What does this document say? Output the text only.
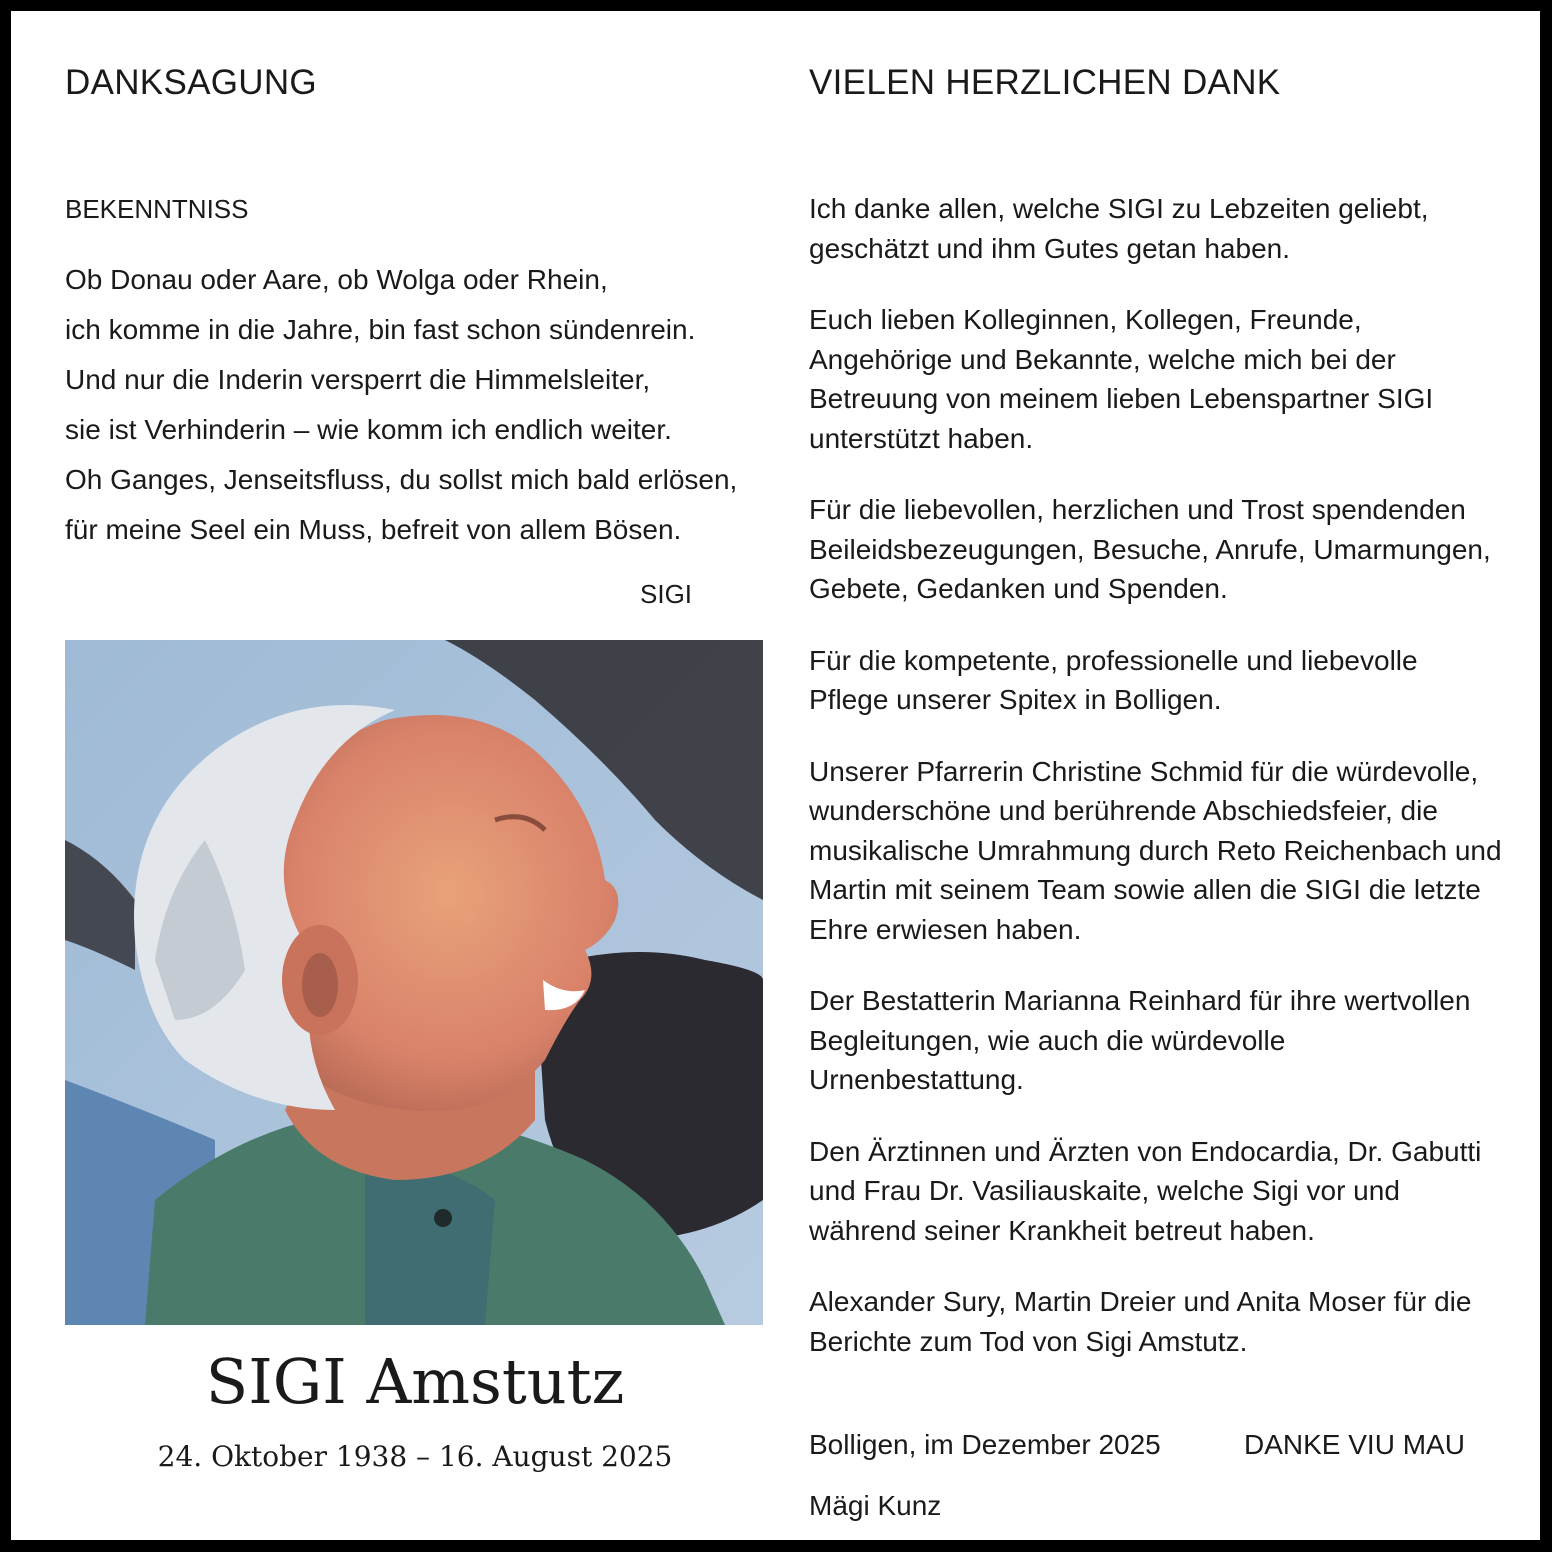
DANKSAGUNG
BEKENNTNISS
Ob Donau oder Aare, ob Wolga oder Rhein,
ich komme in die Jahre, bin fast schon sündenrein.
Und nur die Inderin versperrt die Himmelsleiter,
sie ist Verhinderin – wie komm ich endlich weiter.
Oh Ganges, Jenseitsfluss, du sollst mich bald erlösen,
für meine Seel ein Muss, befreit von allem Bösen.
SIGI
SIGI Amstutz
24. Oktober 1938 – 16. August 2025
VIELEN HERZLICHEN DANK

Ich danke allen, welche SIGI zu Lebzeiten geliebt,
geschätzt und ihm Gutes getan haben.

Euch lieben Kolleginnen, Kollegen, Freunde,
Angehörige und Bekannte, welche mich bei der
Betreuung von meinem lieben Lebenspartner SIGI
unterstützt haben.

Für die liebevollen, herzlichen und Trost spendenden
Beileidsbezeugungen, Besuche, Anrufe, Umarmungen,
Gebete, Gedanken und Spenden.

Für die kompetente, professionelle und liebevolle
Pflege unserer Spitex in Bolligen.

Unserer Pfarrerin Christine Schmid für die würdevolle,
wunderschöne und berührende Abschiedsfeier, die
musikalische Umrahmung durch Reto Reichenbach und
Martin mit seinem Team sowie allen die SIGI die letzte
Ehre erwiesen haben.

Der Bestatterin Marianna Reinhard für ihre wertvollen
Begleitungen, wie auch die würdevolle
Urnenbestattung.

Den Ärztinnen und Ärzten von Endocardia, Dr. Gabutti
und Frau Dr. Vasiliauskaite, welche Sigi vor und
während seiner Krankheit betreut haben.

Alexander Sury, Martin Dreier und Anita Moser für die
Berichte zum Tod von Sigi Amstutz.

Bolligen, im Dezember 2025	DANKE VIU MAU
Mägi Kunz
